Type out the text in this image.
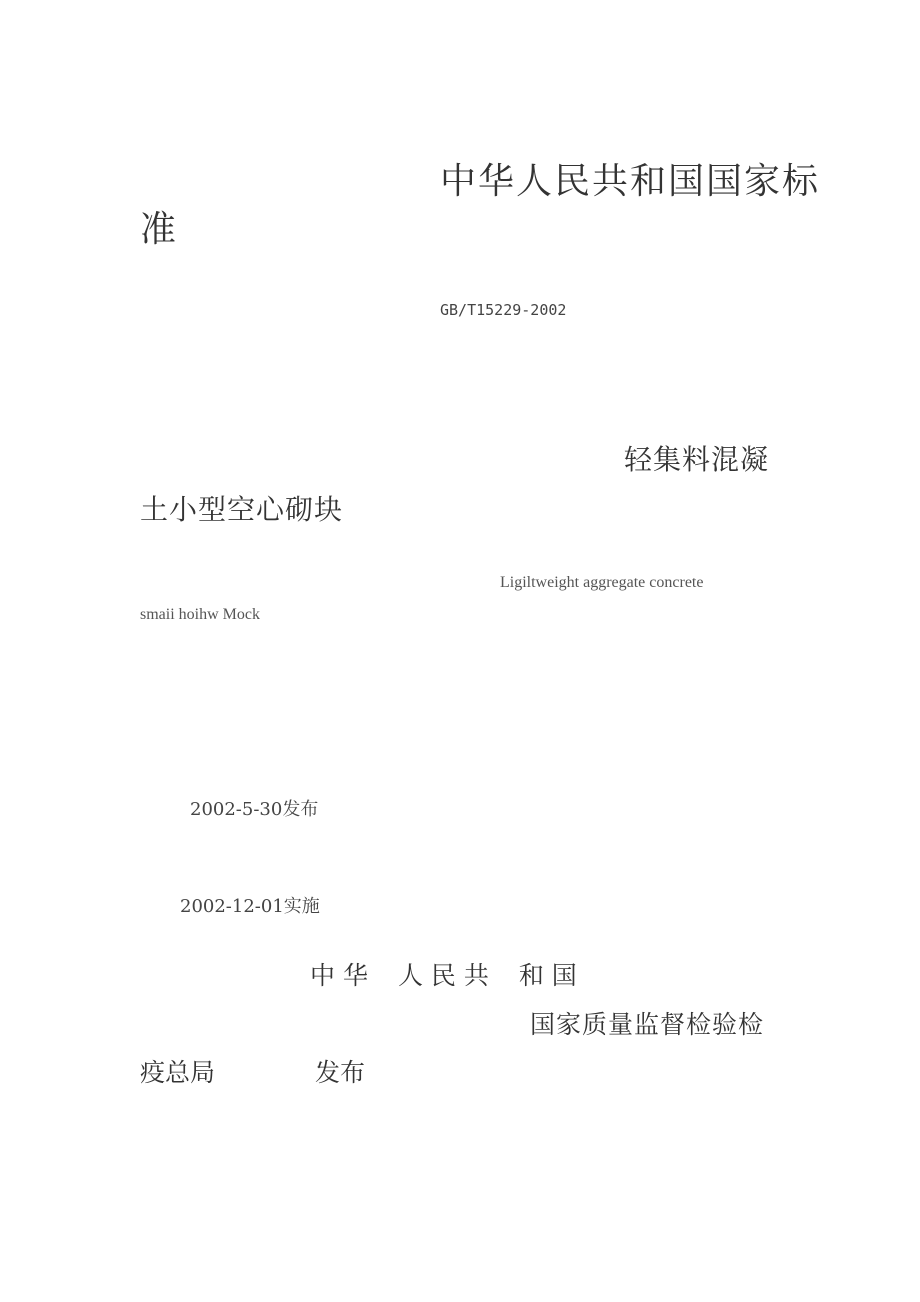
中华人民共和国国家标

准

GB/T15229-2002

轻集料混凝

土小型空心砌块

Ligiltweight aggregate concrete

smaii hoihw Mock

2002-5-30发布

2002-12-01实施

中 华 人 民 共 和 国

国家质量监督检验检

疫总局	发布
